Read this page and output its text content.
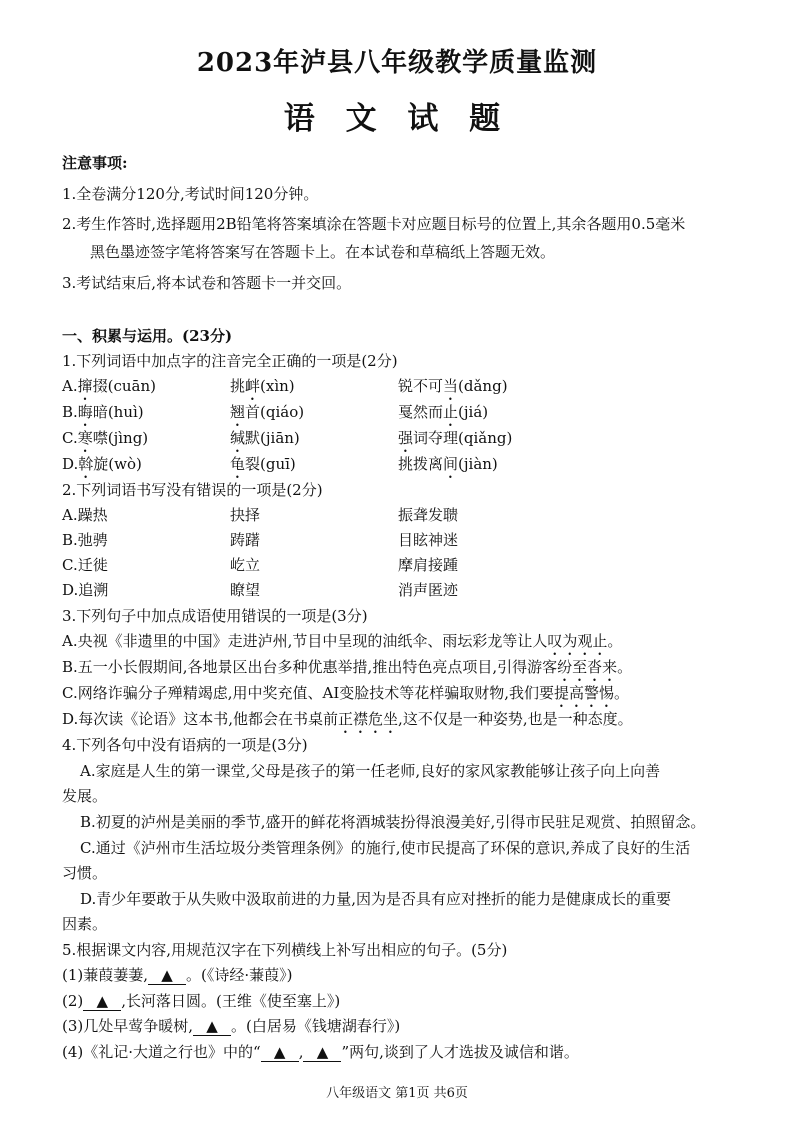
2023年泸县八年级教学质量监测
语 文 试 题
注意事项:
1.全卷满分120分,考试时间120分钟。
2.考生作答时,选择题用2B铅笔将答案填涂在答题卡对应题目标号的位置上,其余各题用0.5毫米
黑色墨迹签字笔将答案写在答题卡上。在本试卷和草稿纸上答题无效。
3.考试结束后,将本试卷和答题卡一并交回。
一、积累与运用。(23分)
1.下列词语中加点字的注音完全正确的一项是(2分)
A.撺掇(cuān)	挑衅(xìn)	锐不可当(dǎng)
B.晦暗(huì)	翘首(qiáo)	戛然而止(jiá)
C.寒噤(jìng)	缄默(jiān)	强词夺理(qiǎng)
D.斡旋(wò)	龟裂(guī)	挑拨离间(jiàn)
2.下列词语书写没有错误的一项是(2分)
A.躁热	抉择	振聋发聩
B.弛骋	踌躇	目眩神迷
C.迁徙	屹立	摩肩接踵
D.追溯	瞭望	消声匿迹
3.下列句子中加点成语使用错误的一项是(3分)
A.央视《非遗里的中国》走进泸州,节目中呈现的油纸伞、雨坛彩龙等让人叹为观止。
B.五一小长假期间,各地景区出台多种优惠举措,推出特色亮点项目,引得游客纷至沓来。
C.网络诈骗分子殚精竭虑,用中奖充值、AI变脸技术等花样骗取财物,我们要提高警惕。
D.每次读《论语》这本书,他都会在书桌前正襟危坐,这不仅是一种姿势,也是一种态度。
4.下列各句中没有语病的一项是(3分)
A.家庭是人生的第一课堂,父母是孩子的第一任老师,良好的家风家教能够让孩子向上向善
发展。
B.初夏的泸州是美丽的季节,盛开的鲜花将酒城装扮得浪漫美好,引得市民驻足观赏、拍照留念。
C.通过《泸州市生活垃圾分类管理条例》的施行,使市民提高了环保的意识,养成了良好的生活
习惯。
D.青少年要敢于从失败中汲取前进的力量,因为是否具有应对挫折的能力是健康成长的重要
因素。
5.根据课文内容,用规范汉字在下列横线上补写出相应的句子。(5分)
(1)蒹葭萋萋, ▲ 。(《诗经·蒹葭》)
(2) ▲ ,长河落日圆。(王维《使至塞上》)
(3)几处早莺争暖树, ▲ 。(白居易《钱塘湖春行》)
(4)《礼记·大道之行也》中的“ ▲ , ▲ ”两句,谈到了人才选拔及诚信和谐。
八年级语文 第1页 共6页
